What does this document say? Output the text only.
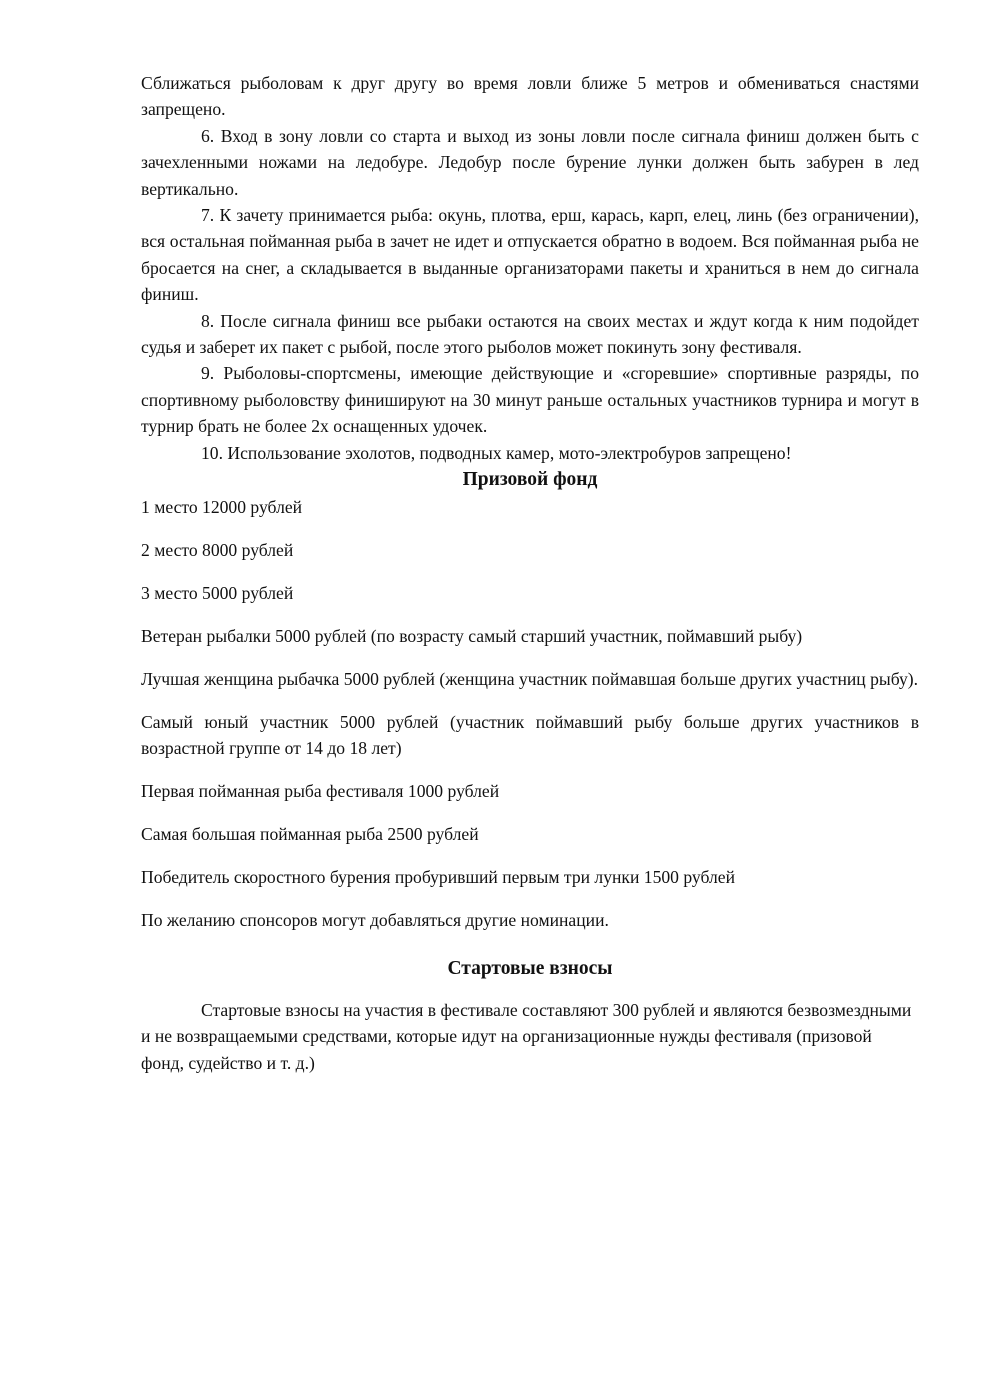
Сближаться рыболовам к друг другу во время ловли ближе 5 метров и обмениваться снастями запрещено.

6. Вход в зону ловли со старта и выход из зоны ловли после сигнала финиш должен быть с зачехленными ножами на ледобуре. Ледобур после бурение лунки должен быть забурен в лед вертикально.

7. К зачету принимается рыба: окунь, плотва, ерш, карась, карп, елец, линь (без ограничении), вся остальная пойманная рыба в зачет не идет и отпускается обратно в водоем. Вся пойманная рыба не бросается на снег, а складывается в выданные организаторами пакеты и храниться в нем до сигнала финиш.

8. После сигнала финиш все рыбаки остаются на своих местах и ждут когда к ним подойдет судья и заберет их пакет с рыбой, после этого рыболов может покинуть зону фестиваля.

9. Рыболовы-спортсмены, имеющие действующие и «сгоревшие» спортивные разряды, по спортивному рыболовству финишируют на 30 минут раньше остальных участников турнира и могут в турнир брать не более 2х оснащенных удочек.

10. Использование эхолотов, подводных камер, мото-электробуров запрещено!

Призовой фонд

1 место 12000 рублей

2 место 8000 рублей

3 место 5000 рублей

Ветеран рыбалки 5000 рублей (по возрасту самый старший участник, поймавший рыбу)

Лучшая женщина рыбачка 5000 рублей (женщина участник поймавшая больше других участниц рыбу).

Самый юный участник 5000 рублей (участник поймавший рыбу больше других участников в возрастной группе от 14 до 18 лет)

Первая пойманная рыба фестиваля 1000 рублей

Самая большая пойманная рыба 2500 рублей

Победитель скоростного бурения пробуривший первым три лунки 1500 рублей

По желанию спонсоров могут добавляться другие номинации.

Стартовые взносы

Стартовые взносы на участия в фестивале составляют 300 рублей и являются безвозмездными и не возвращаемыми средствами, которые идут на организационные нужды фестиваля (призовой фонд, судейство и т. д.)
